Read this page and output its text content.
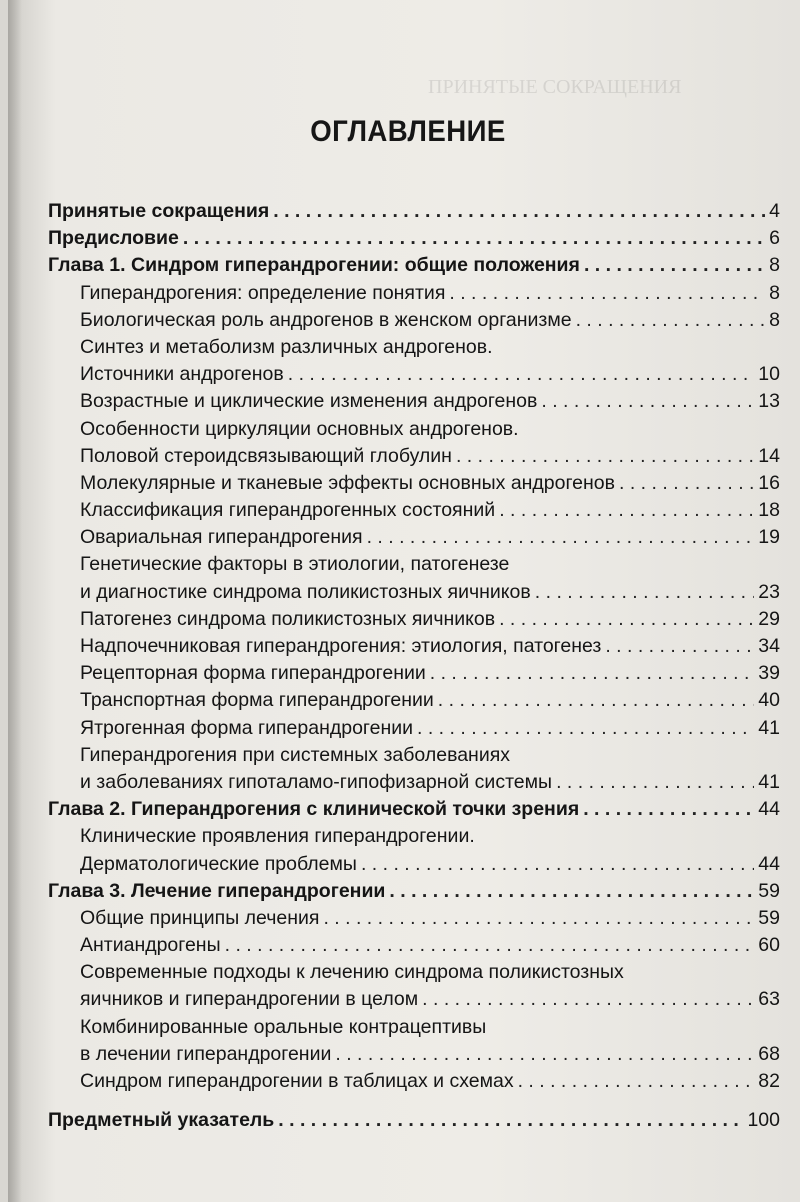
ПРИНЯТЫЕ СОКРАЩЕНИЯ
ОГЛАВЛЕНИЕ
Принятые сокращения . . .	4
Предисловие . . .	6
Глава 1. Синдром гиперандрогении: общие положения . . .	8
Гиперандрогения: определение понятия . . .	8
Биологическая роль андрогенов в женском организме . . .	8
Синтез и метаболизм различных андрогенов.
Источники андрогенов . . .	10
Возрастные и циклические изменения андрогенов . . .	13
Особенности циркуляции основных андрогенов.
Половой стероидсвязывающий глобулин . . .	14
Молекулярные и тканевые эффекты основных андрогенов . . .	16
Классификация гиперандрогенных состояний . . .	18
Овариальная гиперандрогения . . .	19
Генетические факторы в этиологии, патогенезе
и диагностике синдрома поликистозных яичников . . .	23
Патогенез синдрома поликистозных яичников . . .	29
Надпочечниковая гиперандрогения: этиология, патогенез . . .	34
Рецепторная форма гиперандрогении . . .	39
Транспортная форма гиперандрогении . . .	40
Ятрогенная форма гиперандрогении . . .	41
Гиперандрогения при системных заболеваниях
и заболеваниях гипоталамо-гипофизарной системы . . .	41
Глава 2. Гиперандрогения с клинической точки зрения . . .	44
Клинические проявления гиперандрогении.
Дерматологические проблемы . . .	44
Глава 3. Лечение гиперандрогении . . .	59
Общие принципы лечения . . .	59
Антиандрогены . . .	60
Современные подходы к лечению синдрома поликистозных
яичников и гиперандрогении в целом . . .	63
Комбинированные оральные контрацептивы
в лечении гиперандрогении . . .	68
Синдром гиперандрогении в таблицах и схемах . . .	82
Предметный указатель . . .	100
